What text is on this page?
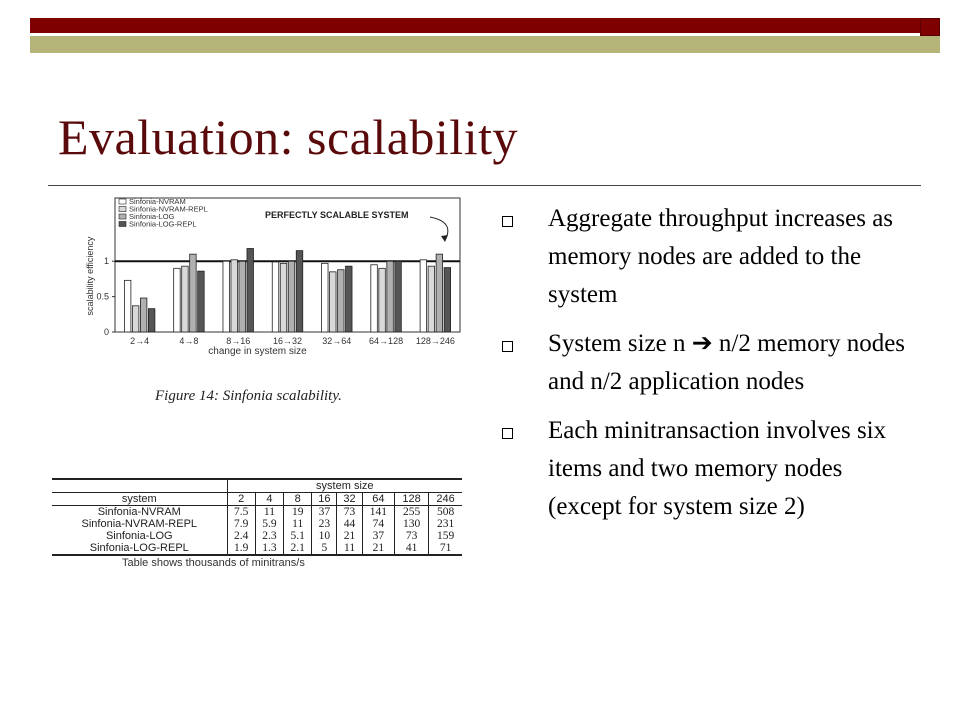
Evaluation: scalability
0
0.5
1
scalability efficiency
2→4	4→8	8→16	16→32 32→64 64→128 128→246
change in system size
Sinfonia-NVRAM
Sinfonia-NVRAM-REPL
Sinfonia-LOG
Sinfonia-LOG-REPL
PERFECTLY SCALABLE SYSTEM
Figure 14: Sinfonia scalability.
	system size							
system	2	4	8	16	32	64	128	246
Sinfonia-NVRAM	7.5	11	19	37	73	141	255	508
Sinfonia-NVRAM-REPL	7.9	5.9	11	23	44	74	130	231
Sinfonia-LOG	2.4	2.3	5.1	10	21	37	73	159
Sinfonia-LOG-REPL	1.9	1.3	2.1	5	11	21	41	71
Table shows thousands of minitrans/s
Aggregate throughput increases as memory nodes are added to the system
System size n ➔ n/2 memory nodes and n/2 application nodes
Each minitransaction involves six items and two memory nodes (except for system size 2)
